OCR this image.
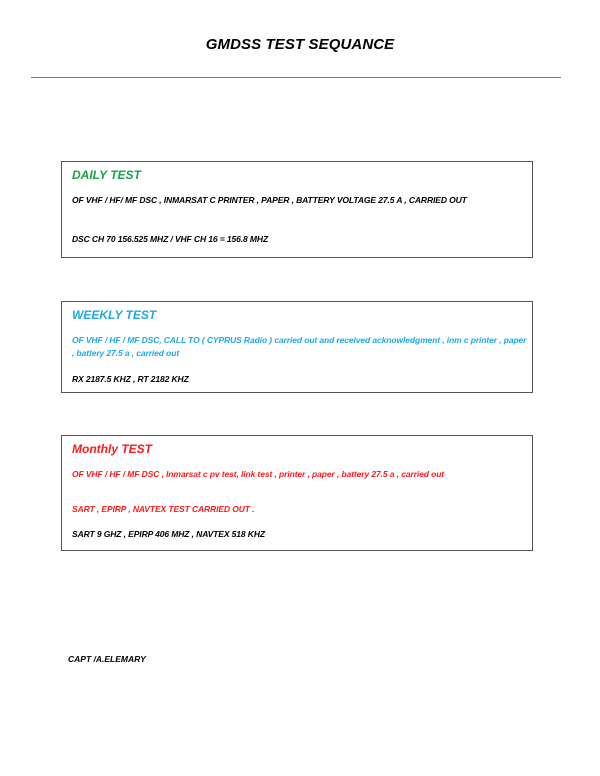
GMDSS TEST SEQUANCE
DAILY TEST
OF VHF / HF/ MF DSC , INMARSAT C PRINTER , PAPER , BATTERY VOLTAGE 27.5 A , CARRIED OUT
DSC CH 70 156.525 MHZ / VHF CH 16 = 156.8 MHZ
WEEKLY TEST
OF VHF / HF / MF DSC, CALL TO ( CYPRUS Radio ) carried out and received acknowledgment , inm c printer , paper , battery 27.5 a , carried out
RX 2187.5 KHZ , RT 2182 KHZ
Monthly TEST
OF VHF / HF / MF DSC , Inmarsat c pv test, link test , printer , paper , battery 27.5 a , carried out
SART , EPIRP , NAVTEX TEST CARRIED OUT .
SART 9 GHZ , EPIRP 406 MHZ , NAVTEX 518 KHZ
CAPT /A.ELEMARY
